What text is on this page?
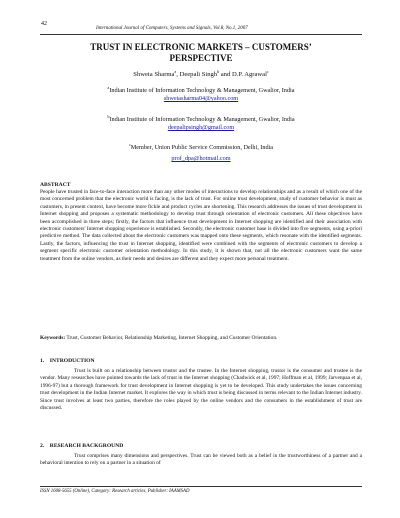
42
International Journal of Computers, Systems and Signals, Vol.8, No.1, 2007
TRUST IN ELECTRONIC MARKETS – CUSTOMERS’
PERSPECTIVE
Shweta Sharma$^a$, Deepali Singh$^b$ and D.P. Agrawal$^c$
$^a$Indian Institute of Information Technology & Management, Gwalior, India
shwetasharma04@yahoo.com
$^b$Indian Institute of Information Technology & Management, Gwalior, India
deepalipsingh@gmail.com
$^c$Member, Union Public Service Commission, Delhi, India
prof_dpa@hotmail.com
ABSTRACT

People have trusted in face-to-face interaction more than any other modes of interactions to develop relationships and as a result of which one of the most concerned problem that the electronic world is facing, is the lack of trust. For online trust development, study of customer behavior is must as customers, in present context, have become more fickle and product cycles are shortening. This research addresses the issues of trust development in Internet shopping and proposes a systematic methodology to develop trust through orientation of electronic customers. All these objectives have been accomplished in three steps; firstly, the factors that influence trust development in Internet shopping are identified and their association with electronic customers' Internet shopping experience is established. Secondly, the electronic customer base is divided into five segments, using a-priori predictive method. The data collected about the electronic customers was mapped onto these segments, which resonate with the identified segments. Lastly, the factors, influencing the trust in Internet shopping, identified were combined with the segments of electronic customers to develop a segment specific electronic customer orientation methodology. In this study, it is shown that, not all the electronic customers want the same treatment from the online vendors, as their needs and desires are different and they expect more personal treatment.

Keywords: Trust, Customer Behavior, Relationship Marketing, Internet Shopping, and Customer Orientation.

1.    INTRODUCTION

Trust is built on a relationship between trustor and the trustee. In the Internet shopping, trustor is the consumer and trustee is the vendor. Many researches have pointed towards the lack of trust in the Internet shopping (Chadwick et al, 1997; Hoffman et al, 1999; Jarvenpaa et al, 1996-97) but a thorough framework for trust development in Internet shopping is yet to be developed. This study undertakes the issues concerning trust development in the Indian Internet market. It explores the way in which trust is being discussed in terms relevant to the Indian Internet industry. Since trust involves at least two parties, therefore the roles played by the online vendors and the consumers in the establishment of trust are discussed.

2.    RESEARCH BACKGROUND

Trust comprises many dimensions and perspectives. Trust can be viewed both as a belief in the trustworthiness of a partner and a behavioral intention to rely on a partner in a situation of

ISSN 1608-5655 (Online), Category: Research articles, Publisher: IAAMSAD
